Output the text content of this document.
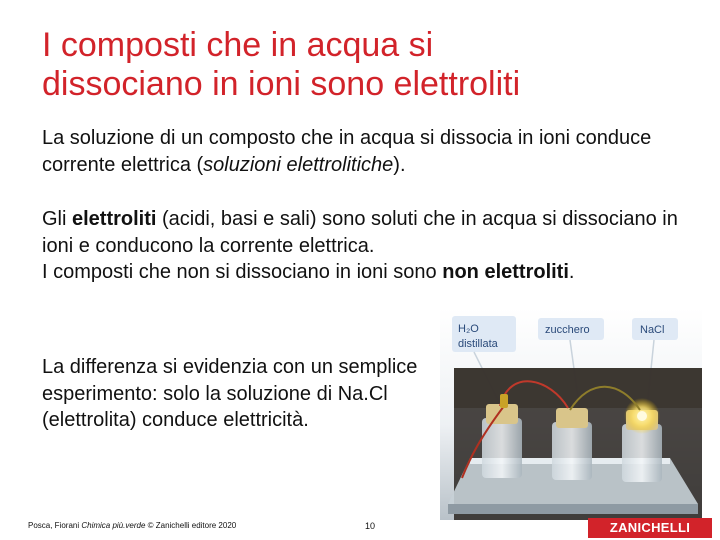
I composti che in acqua si
dissociano in ioni sono elettroliti
La soluzione di un composto che in acqua si dissocia in ioni conduce corrente elettrica (soluzioni elettrolitiche).
Gli elettroliti (acidi, basi e sali) sono soluti che in acqua si dissociano in ioni e conducono la corrente elettrica.
I composti che non si dissociano in ioni sono non elettroliti.
La differenza si evidenzia con un semplice esperimento: solo la soluzione di Na.Cl (elettrolita) conduce elettricità.
H₂O
distillata
zucchero	NaCl
Posca, Fiorani Chimica più.verde © Zanichelli editore 2020	10	ZANICHELLI
